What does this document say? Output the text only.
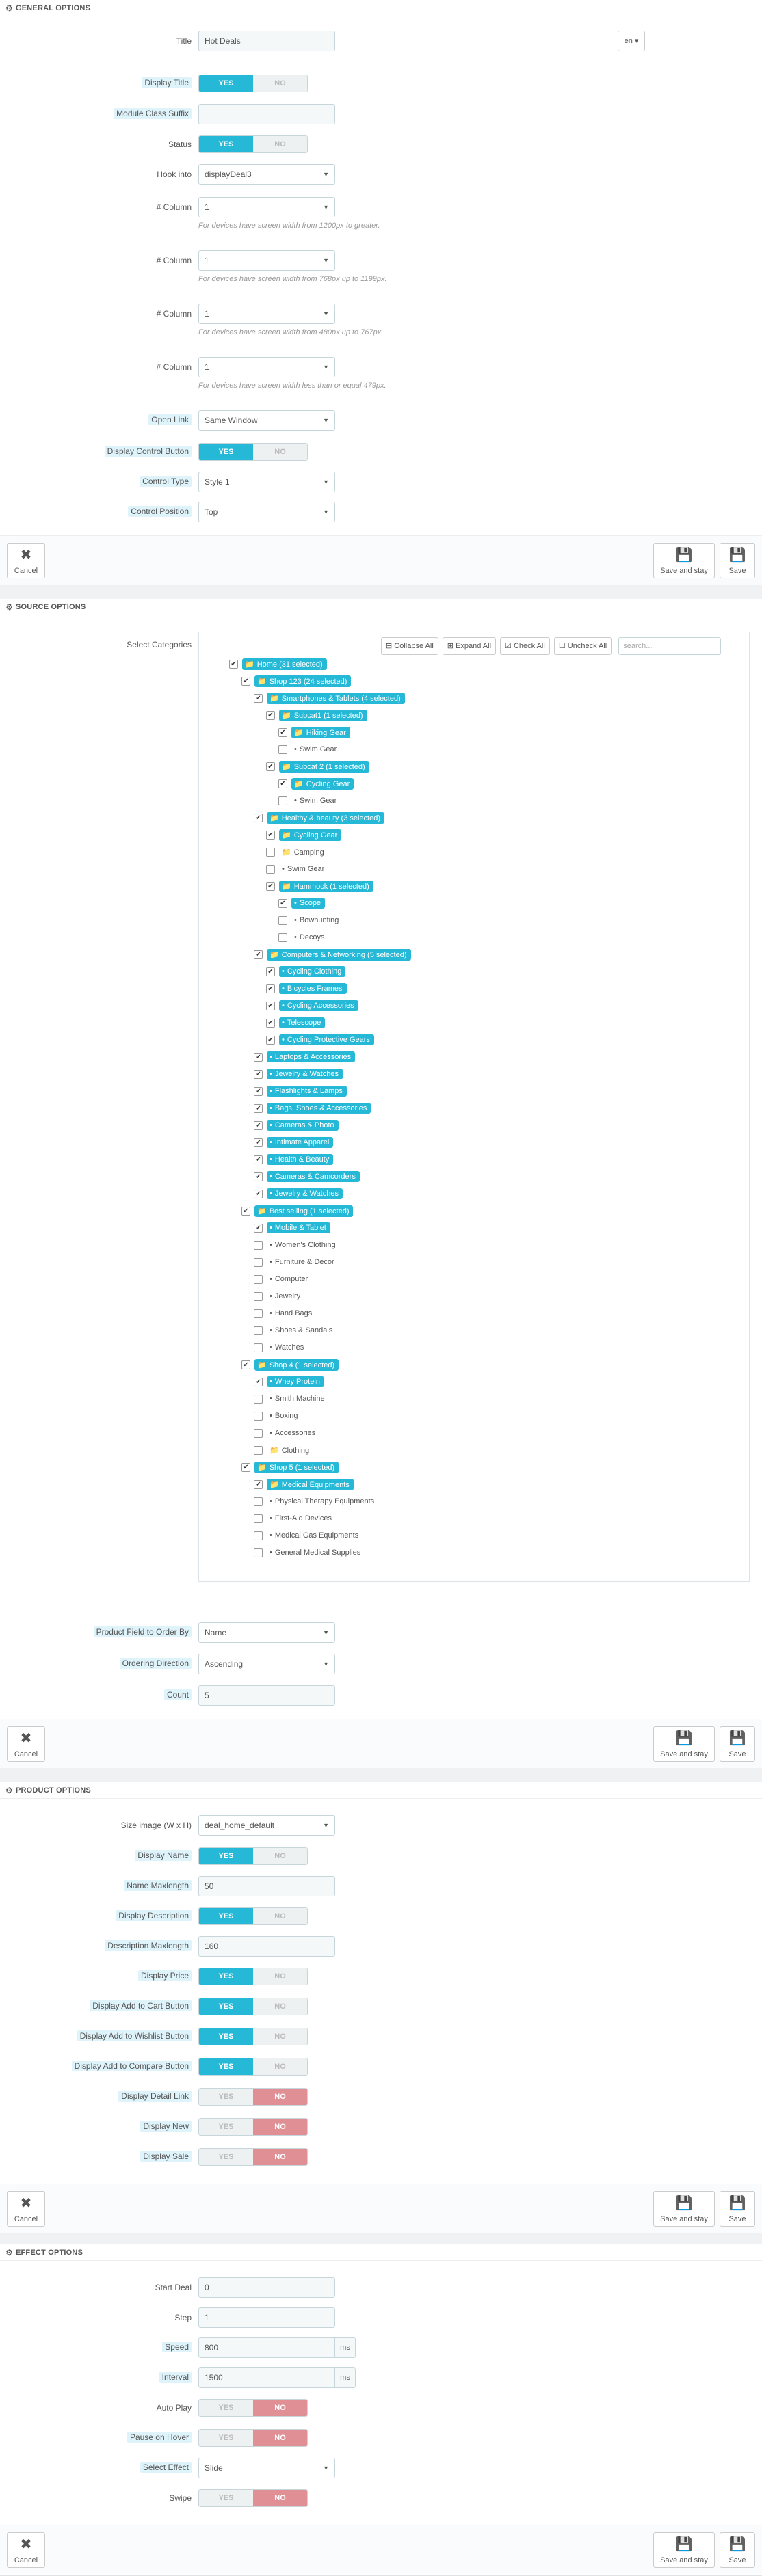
⚙ GENERAL OPTIONS
Title	Hot Deals	en ▾
Display Title	YES	NO
Module Class Suffix
Status	YES	NO
Hook into	displayDeal3	▼
# Column	1	▼
For devices have screen width from 1200px to greater.
# Column	1	▼
For devices have screen width from 768px up to 1199px.
# Column	1	▼
For devices have screen width from 480px up to 767px.
# Column	1	▼
For devices have screen width less than or equal 479px.
Open Link	Same Window	▼
Display Control Button	YES	NO
Control Type	Style 1	▼
Control Position	Top	▼
✖
Cancel
💾
Save and stay
💾
Save
⚙ SOURCE OPTIONS
Select Categories	⊟ Collapse All	⊞ Expand All	☑ Check All	☐ Uncheck All	search...
✔	📁 Home (31 selected)
✔	📁 Shop 123 (24 selected)
✔	📁 Smartphones & Tablets (4 selected)
✔	📁 Subcat1 (1 selected)
✔	📁 Hiking Gear
• Swim Gear
✔	📁 Subcat 2 (1 selected)
✔	📁 Cycling Gear
• Swim Gear
✔	📁 Healthy & beauty (3 selected)
✔	📁 Cycling Gear
📁 Camping
• Swim Gear
✔	📁 Hammock (1 selected)
✔	• Scope
• Bowhunting
• Decoys
✔	📁 Computers & Networking (5 selected)
✔	• Cycling Clothing
✔	• Bicycles Frames
✔	• Cycling Accessories
✔	• Telescope
✔	• Cycling Protective Gears
✔	• Laptops & Accessories
✔	• Jewelry & Watches
✔	• Flashlights & Lamps
✔	• Bags, Shoes & Accessories
✔	• Cameras & Photo
✔	• Intimate Apparel
✔	• Health & Beauty
✔	• Cameras & Camcorders
✔	• Jewelry & Watches
✔	📁 Best selling (1 selected)
✔	• Mobile & Tablet
• Women's Clothing
• Furniture & Decor
• Computer
• Jewelry
• Hand Bags
• Shoes & Sandals
• Watches
✔	📁 Shop 4 (1 selected)
✔	• Whey Protein
• Smith Machine
• Boxing
• Accessories
📁 Clothing
✔	📁 Shop 5 (1 selected)
✔	📁 Medical Equipments
• Physical Therapy Equipments
• First-Aid Devices
• Medical Gas Equipments
• General Medical Supplies
Product Field to Order By	Name	▼
Ordering Direction	Ascending	▼
Count	5
✖
Cancel
💾
Save and stay
💾
Save
⚙ PRODUCT OPTIONS
Size image (W x H)	deal_home_default	▼
Display Name	YES	NO
Name Maxlength	50
Display Description	YES	NO
Description Maxlength	160
Display Price	YES	NO
Display Add to Cart Button	YES	NO
Display Add to Wishlist Button	YES	NO
Display Add to Compare Button	YES	NO
Display Detail Link	YES	NO
Display New	YES	NO
Display Sale	YES	NO
✖
Cancel
💾
Save and stay
💾
Save
⚙ EFFECT OPTIONS
Start Deal	0
Step	1
Speed	800	ms
Interval	1500	ms
Auto Play	YES	NO
Pause on Hover	YES	NO
Select Effect	Slide	▼
Swipe	YES	NO
✖
Cancel
💾
Save and stay
💾
Save
